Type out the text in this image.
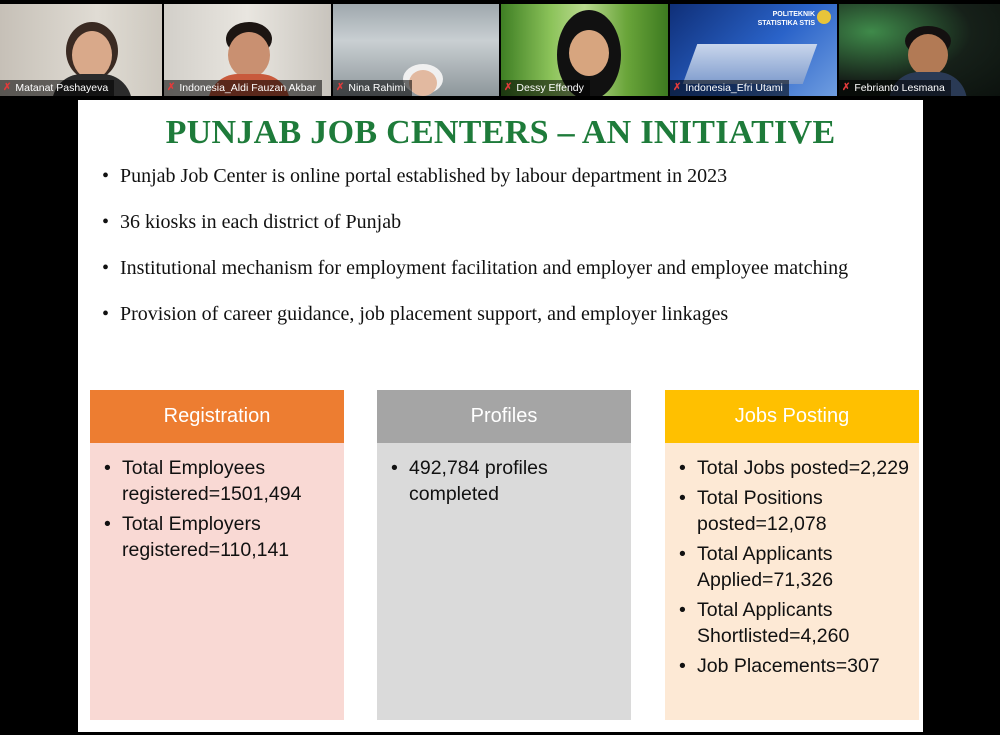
✗ Matanat Pashayeva	✗ Indonesia_Aldi Fauzan Akbar ✗ Nina Rahimi	✗ Dessy Effendy
POLITEKNIK
STATISTIKA STIS
✗ Indonesia_Efri Utami	✗ Febrianto Lesmana
PUNJAB JOB CENTERS – AN INITIATIVE
• Punjab Job Center is online portal established by labour department in 2023
• 36 kiosks in each district of Punjab
• Institutional mechanism for employment facilitation and employer and employee matching
• Provision of career guidance, job placement support, and employer linkages
Registration
• Total Employees registered=1501,494
• Total Employers registered=110,141
Profiles
• 492,784 profiles completed
Jobs Posting
• Total Jobs posted=2,229
• Total Positions posted=12,078
• Total Applicants Applied=71,326
• Total Applicants Shortlisted=4,260
• Job Placements=307
